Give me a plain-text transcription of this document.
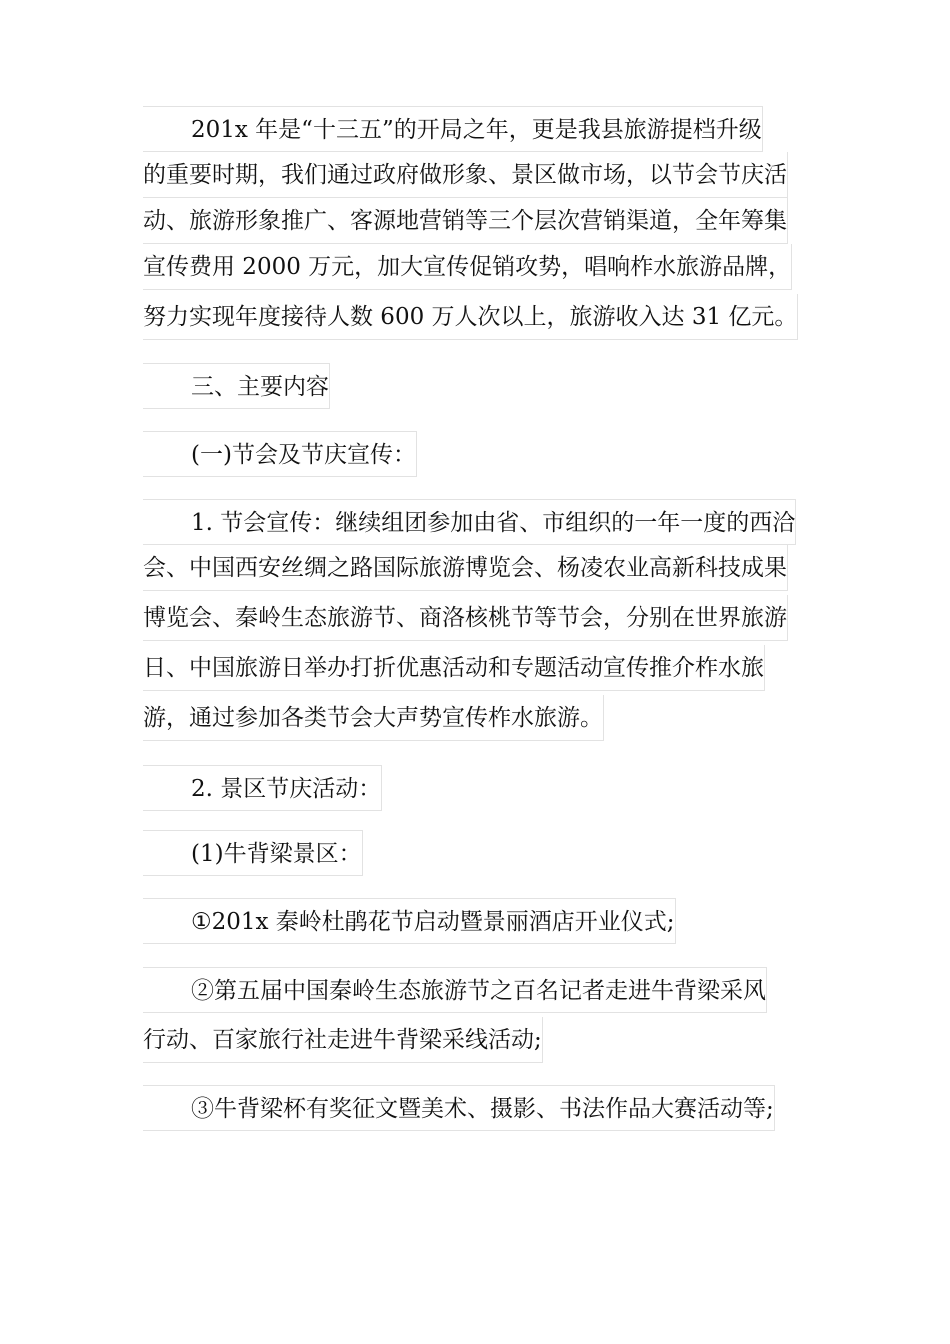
201x 年是“十三五”的开局之年，更是我县旅游提档升级
的重要时期，我们通过政府做形象、景区做市场，以节会节庆活
动、旅游形象推广、客源地营销等三个层次营销渠道，全年筹集
宣传费用 2000 万元，加大宣传促销攻势，唱响柞水旅游品牌，
努力实现年度接待人数 600 万人次以上，旅游收入达 31 亿元。
三、主要内容
(一)节会及节庆宣传：
1. 节会宣传：继续组团参加由省、市组织的一年一度的西洽
会、中国西安丝绸之路国际旅游博览会、杨凌农业高新科技成果
博览会、秦岭生态旅游节、商洛核桃节等节会，分别在世界旅游
日、中国旅游日举办打折优惠活动和专题活动宣传推介柞水旅
游，通过参加各类节会大声势宣传柞水旅游。
2. 景区节庆活动：
(1)牛背梁景区：
①201x 秦岭杜鹃花节启动暨景丽酒店开业仪式;
②第五届中国秦岭生态旅游节之百名记者走进牛背梁采风
行动、百家旅行社走进牛背梁采线活动;
③牛背梁杯有奖征文暨美术、摄影、书法作品大赛活动等;
